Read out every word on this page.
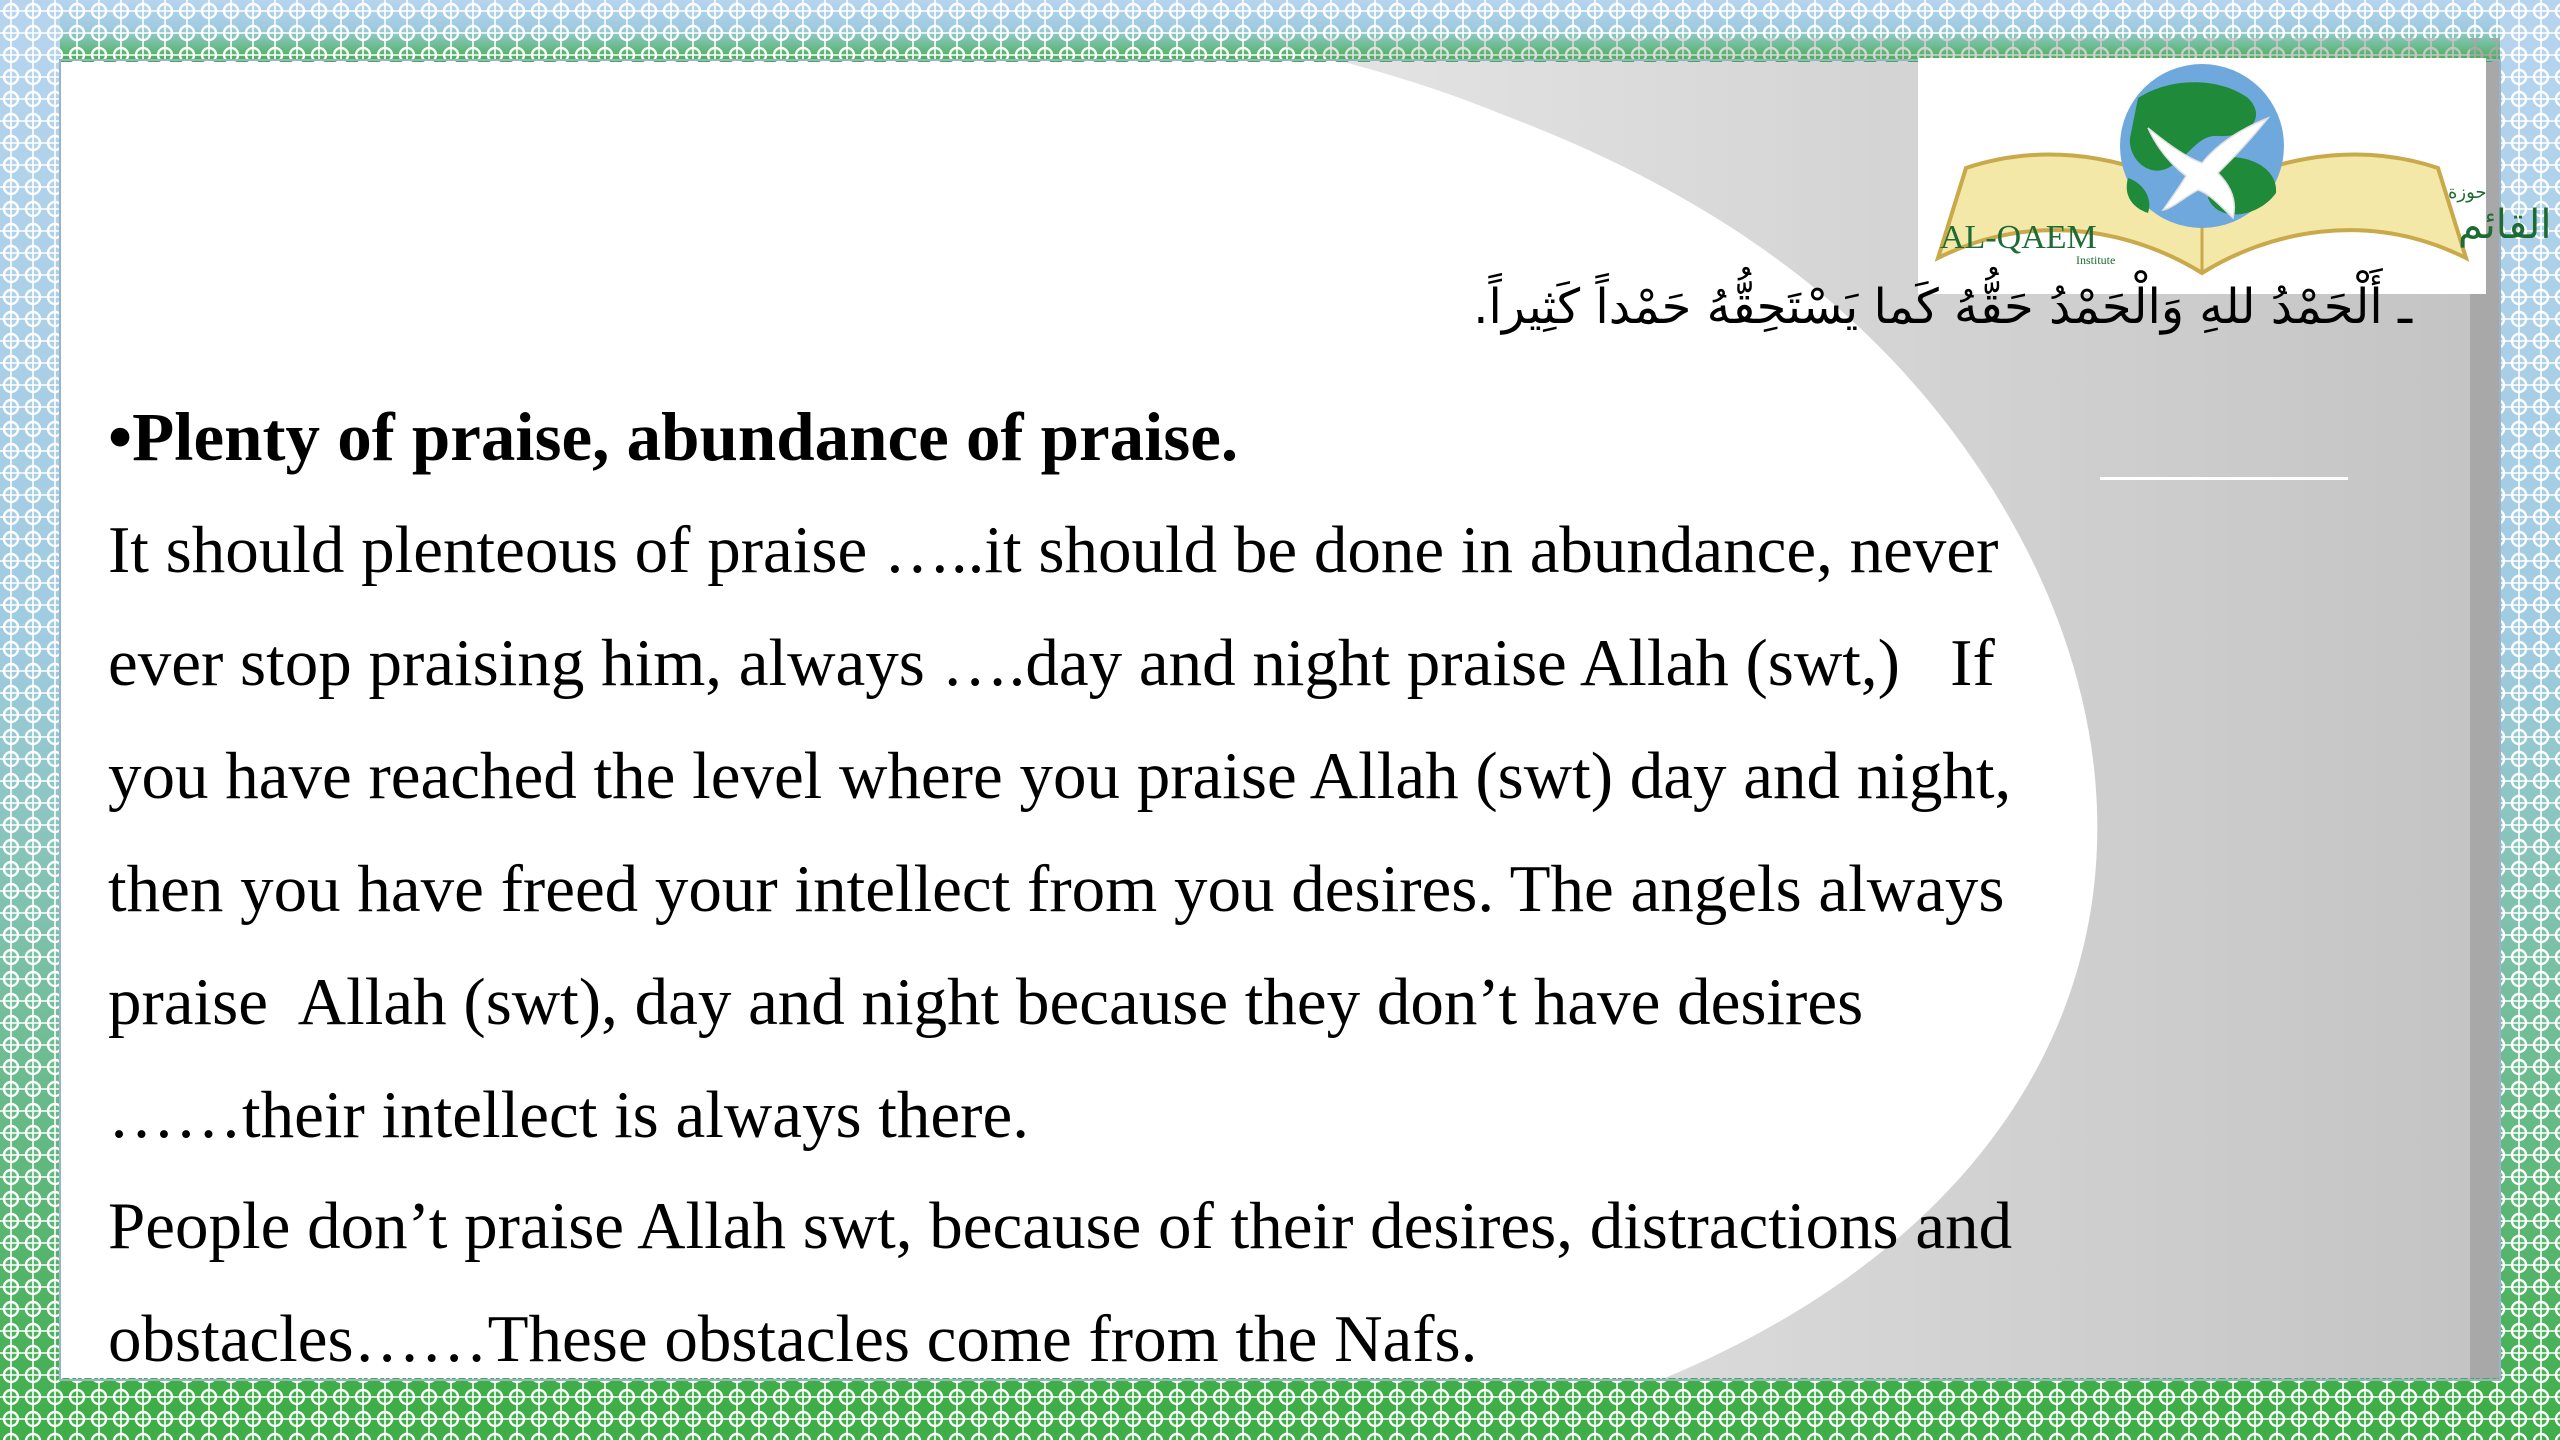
AL-QAEM
Institute
القائم
حوزة
ـ أَلْحَمْدُ للهِ وَالْحَمْدُ حَقُّهُ كَما يَسْتَحِقُّهُ حَمْداً كَثِيراً.
•Plenty of praise, abundance of praise.
It should plenteous of praise …..it should be done in abundance, never
ever stop praising him, always ….day and night praise Allah (swt,)   If
you have reached the level where you praise Allah (swt) day and night,
then you have freed your intellect from you desires. The angels always
praise  Allah (swt), day and night because they don’t have desires
……their intellect is always there.
People don’t praise Allah swt, because of their desires, distractions and
obstacles……These obstacles come from the Nafs.
